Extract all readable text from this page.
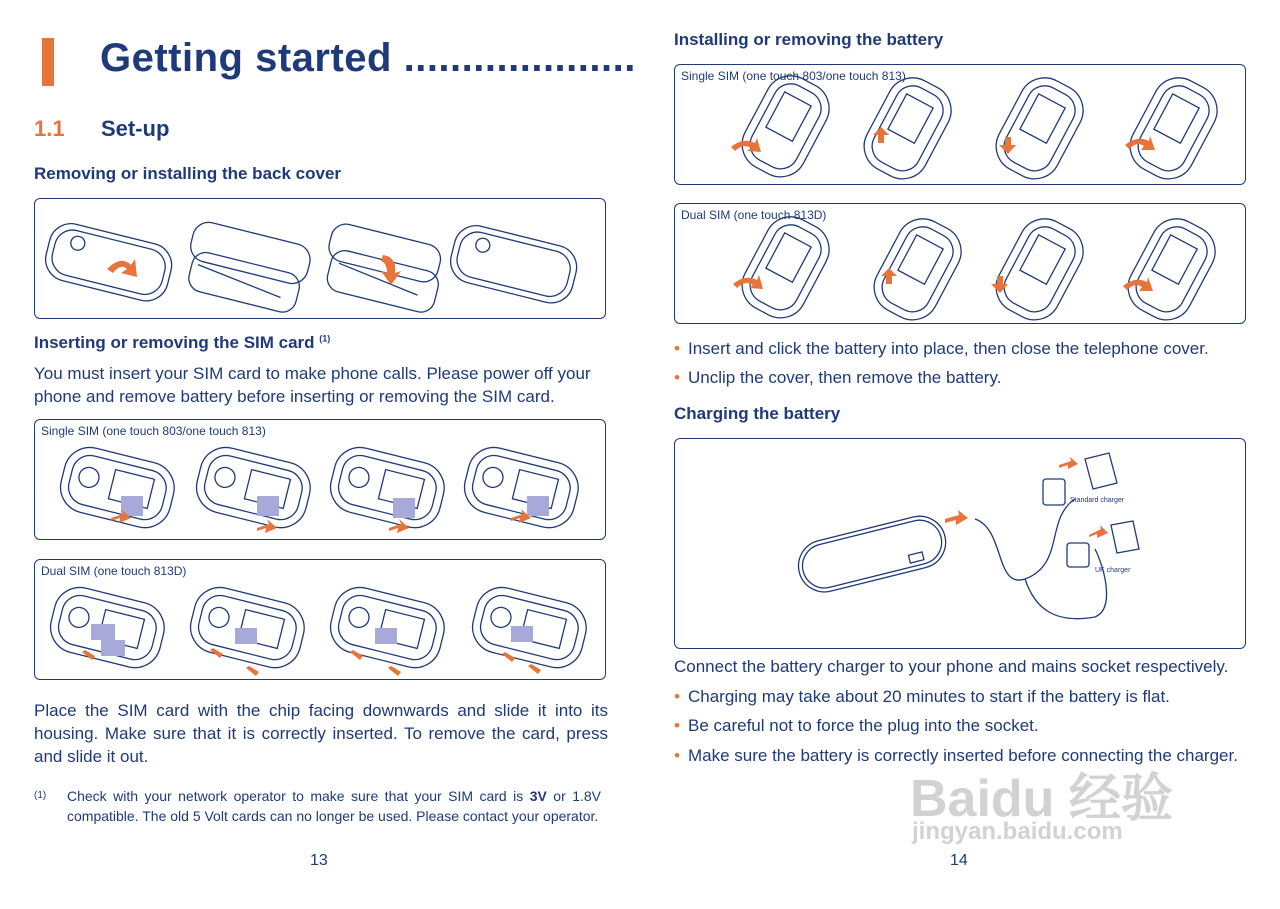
Getting started ....................
1.1 Set-up
Removing or installing the back cover
Inserting or removing the SIM card $^{(1)}$
You must insert your SIM card to make phone calls. Please power off your phone and remove battery before inserting or removing the SIM card.
Single SIM (one touch 803/one touch 813)
Dual SIM (one touch 813D)
Place the SIM card with the chip facing downwards and slide it into its housing. Make sure that it is correctly inserted. To remove the card, press and slide it out.
(1) Check with your network operator to make sure that your SIM card is 3V or 1.8V compatible. The old 5 Volt cards can no longer be used. Please contact your operator.
13
Installing or removing the battery
Single SIM (one touch 803/one touch 813)
Dual SIM (one touch 813D)
• Insert and click the battery into place, then close the telephone cover.
• Unclip the cover, then remove the battery.
Charging the battery
Standard charger
UK charger
Connect the battery charger to your phone and mains socket respectively.
• Charging may take about 20 minutes to start if the battery is flat.
• Be careful not to force the plug into the socket.
• Make sure the battery is correctly inserted before connecting the charger.
14
Baidu 经验
jingyan.baidu.com
